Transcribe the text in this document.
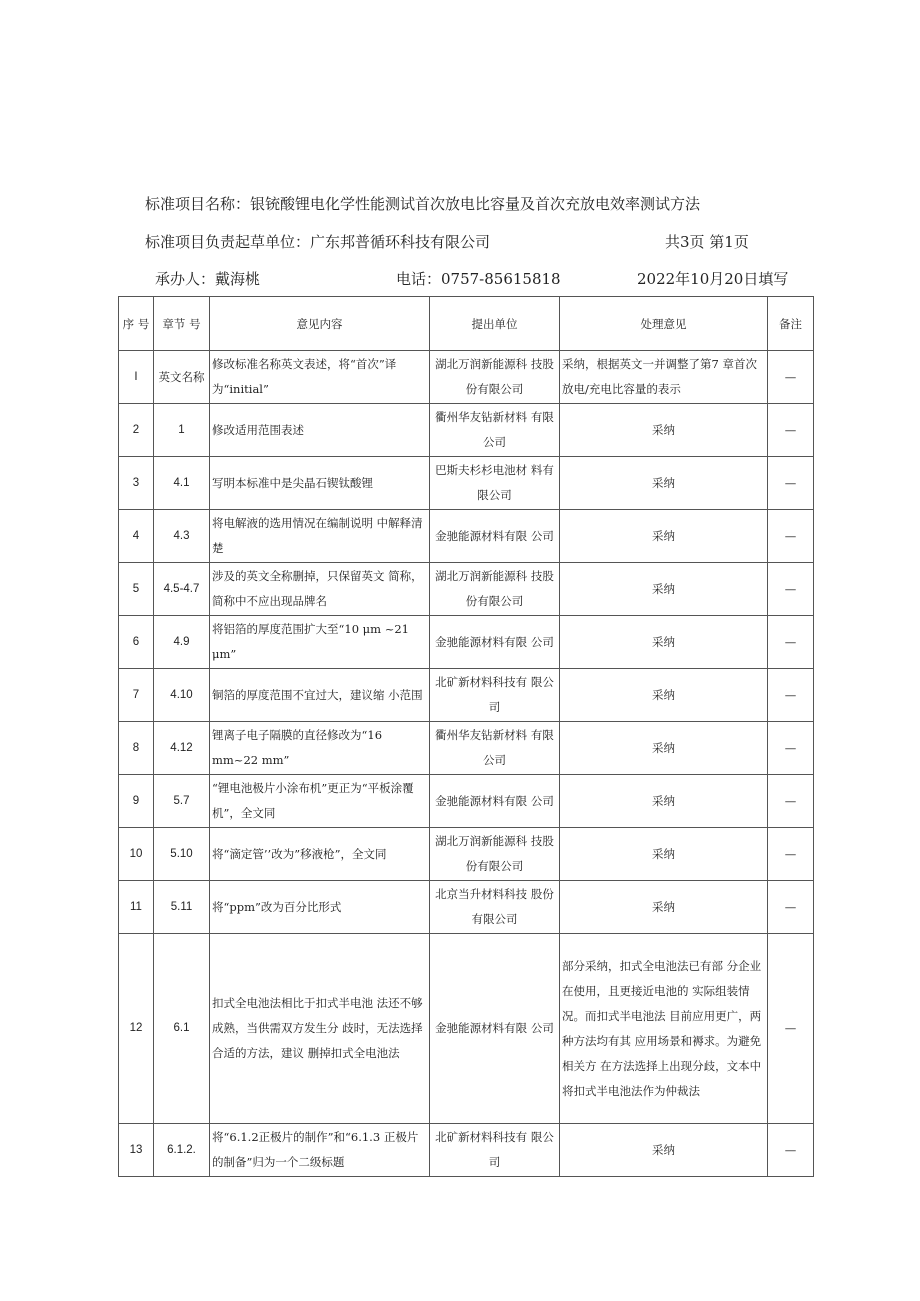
标准项目名称：银铳酸锂电化学性能测试首次放电比容量及首次充放电效率测试方法
标准项目负责起草单位：广东邦普循环科技有限公司	共3页 第1页
承办人：戴海桃	电话：0757-85615818	2022年10月20日填写
序 号	章节 号	意见内容	提出单位	处理意见	备注
I	英文名称	修改标准名称英文表述，将“首次”译为“initial”	湖北万润新能源科 技股份有限公司	采纳，根据英文一并调整了第7 章首次放电/充电比容量的表示	—
2	1	修改适用范围表述	衢州华友钻新材料 有限公司	采纳	—
3	4.1	写明本标准中是尖晶石锲钛酸锂	巴斯夫杉杉电池材 料有限公司	采纳	—
4	4.3	将电解液的选用情况在编制说明 中解释清楚	金驰能源材料有限 公司	采纳	—
5	4.5-4.7	涉及的英文全称删掉，只保留英文 简称，简称中不应出现品牌名	湖北万润新能源科 技股份有限公司	采纳	—
6	4.9	将铝箔的厚度范围扩大至“10 μm ~21 μm”	金驰能源材料有限 公司	采纳	—
7	4.10	铜箔的厚度范围不宜过大，建议缩 小范围	北矿新材料科技有 限公司	采纳	—
8	4.12	锂离子电子隔膜的直径修改为“16 mm~22 mm”	衢州华友钻新材料 有限公司	采纳	—
9	5.7	“锂电池极片小涂布机”更正为“平板涂覆机”，全文同	金驰能源材料有限 公司	采纳	—
10	5.10	将“滴定管’’改为”移液枪”，全文同	湖北万润新能源科 技股份有限公司	采纳	—
11	5.11	将“ppm”改为百分比形式	北京当升材料科技 股份有限公司	采纳	—
12	6.1	扣式全电池法相比于扣式半电池 法还不够成熟，当供需双方发生分 歧时，无法选择合适的方法，建议 删掉扣式全电池法	金驰能源材料有限 公司	部分采纳，扣式全电池法已有部 分企业在使用，且更接近电池的 实际组装情况。而扣式半电池法 目前应用更广，两种方法均有其 应用场景和褥求。为避免相关方 在方法选择上出现分歧，文本中 将扣式半电池法作为仲裁法	—
13	6.1.2.	将“6.1.2正极片的制作”和“6.1.3 正极片的制备”归为一个二级标题	北矿新材料科技有 限公司	采纳	—
